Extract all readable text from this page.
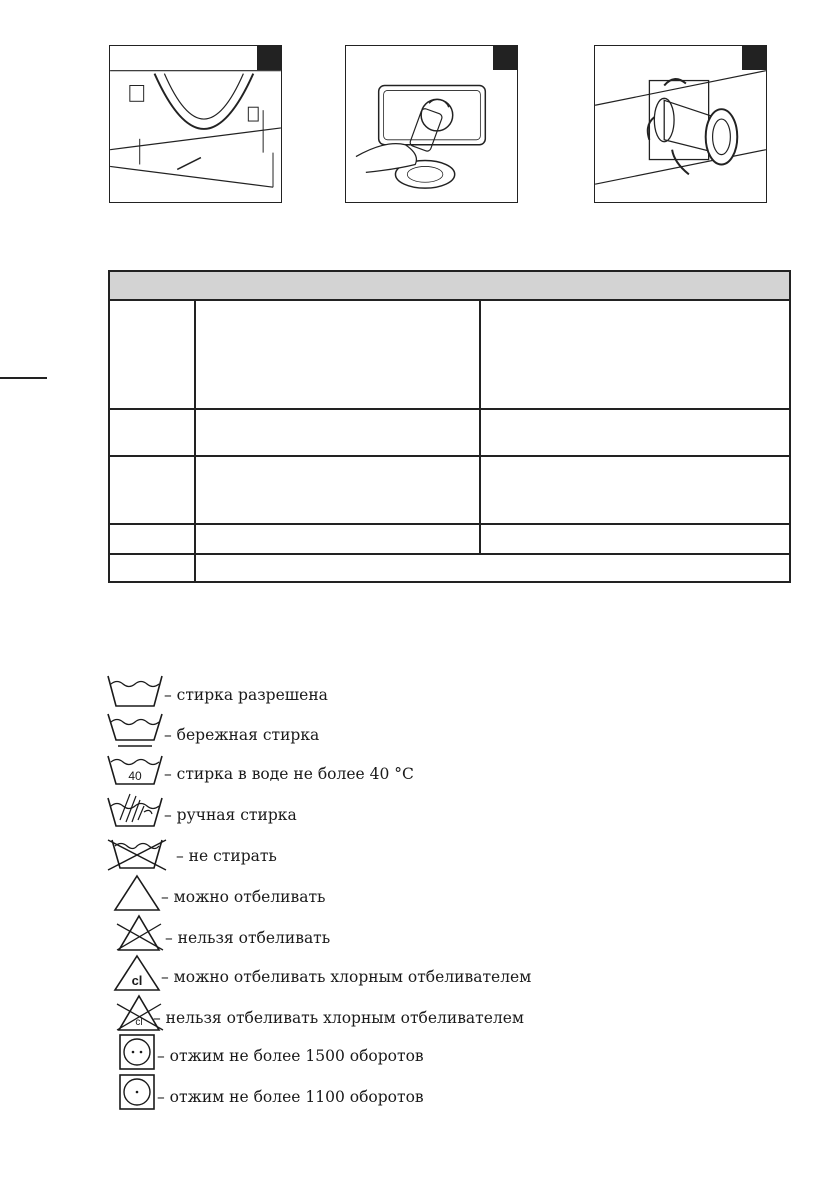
– стирка разрешена
– бережная стирка
40 – стирка в воде не более 40 °С
– ручная стирка
– не стирать
– можно отбеливать
– нельзя отбеливать
cl – можно отбеливать хлорным отбеливателем
cl – нельзя отбеливать хлорным отбеливателем
– отжим не более 1500 оборотов
– отжим не более 1100 оборотов
